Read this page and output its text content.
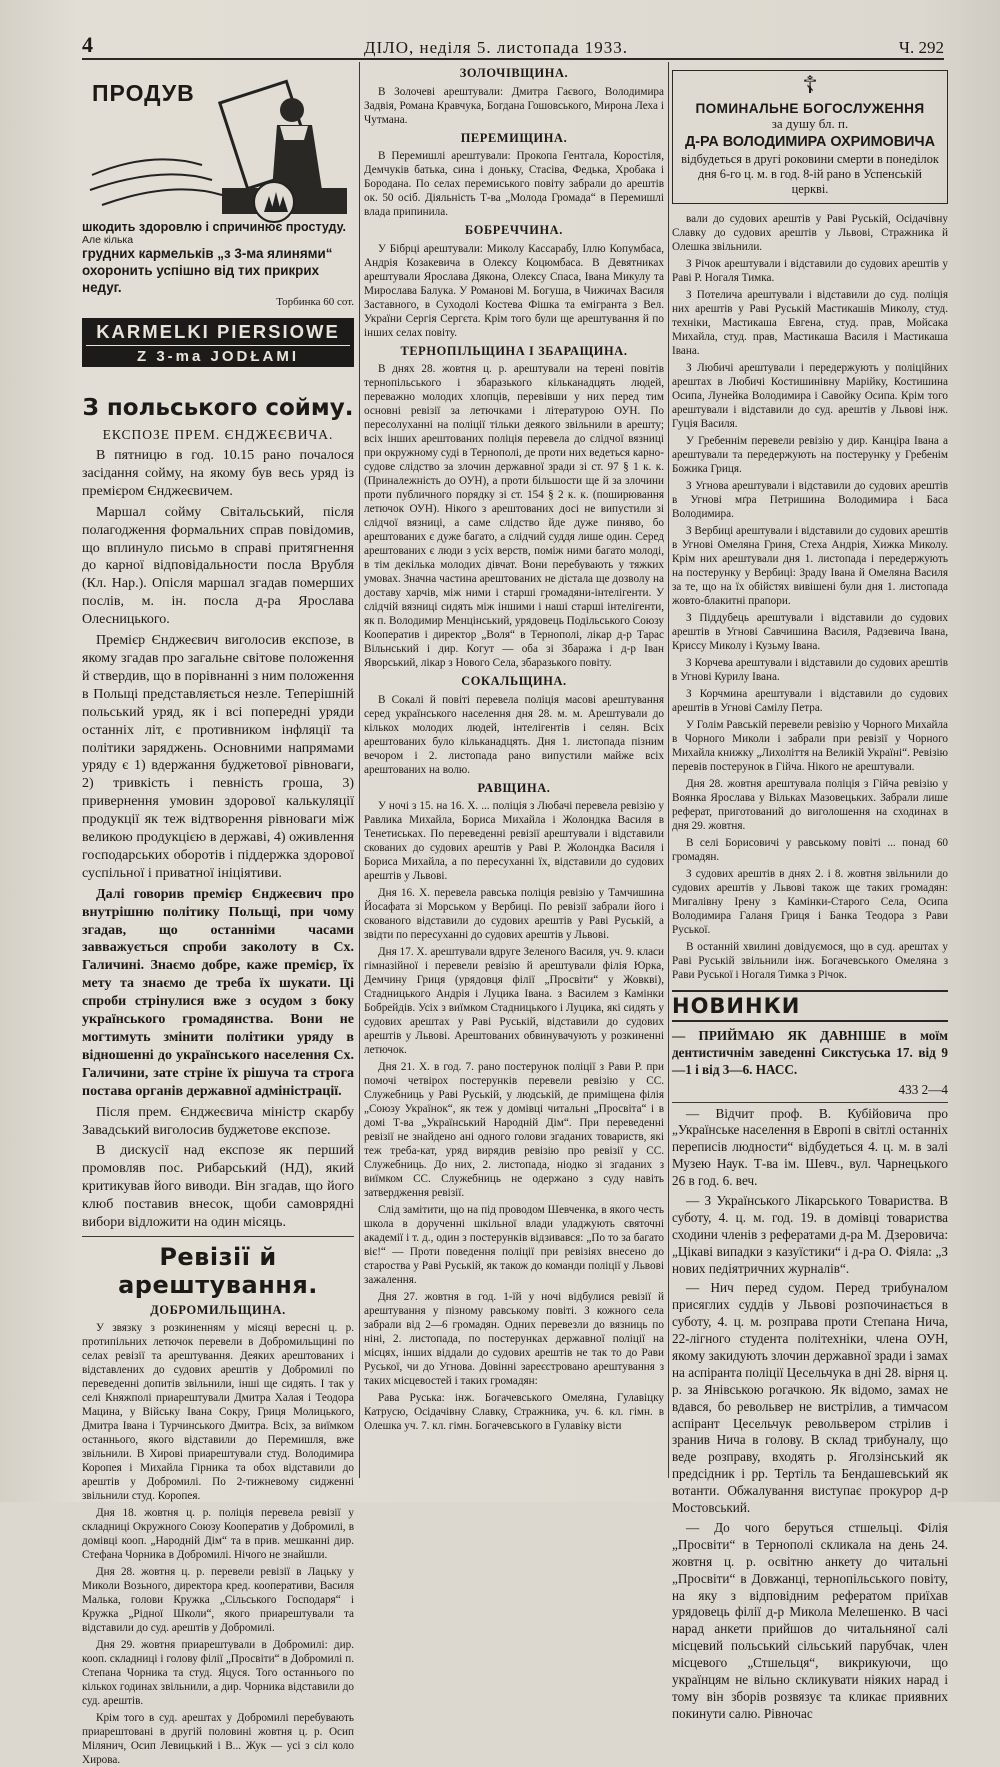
4	ДІЛО, неділя 5. листопада 1933.	Ч. 292
ПРОДУВ
шкодить здоровлю і спричинює простуду.
Але кілька
грудних кармельків „з 3-ма ялинями“ охоронить успішно від тих прикрих недуг.
Торбинка 60 сот.
KARMELKI PIERSIOWE
Z 3-ma JODŁAMI
З польського сойму.
ЕКСПОЗЕ ПРЕМ. ЄНДЖЕЄВИЧА.

В пятницю в год. 10.15 рано почалося засідання сойму, на якому був весь уряд із премієром Єнджеєвичем.

Маршал сойму Світальський, після полагодження формальних справ повідомив, що вплинуло письмо в справі притягнення до карної відповідальности посла Врубля (Кл. Нар.). Опісля маршал згадав померших послів, м. ін. посла д-ра Ярослава Олесницького.

Премієр Єнджеєвич виголосив експозе, в якому згадав про загальне світове положення й ствердив, що в порівнанні з ним положення в Польщі представляється незле. Теперішній польський уряд, як і всі попередні уряди останніх літ, є противником інфляції та політики заряджень. Основними напрямами уряду є 1) вдержання буджетової рівноваги, 2) тривкість і певність гроша, 3) привернення умовин здорової калькуляції продукції як теж відтворення рівноваги між великою продукцією в державі, 4) оживлення господарських оборотів і піддержка здорової суспільної і приватної ініціятиви.

Далі говорив премієр Єнджеєвич про внутрішню політику Польщі, при чому згадав, що останніми часами завважується спроби заколоту в Сх. Галичині. Знаємо добре, каже премієр, їх мету та знаємо де треба їх шукати. Ці спроби стрінулися вже з осудом з боку українського громадянства. Вони не могтимуть змінити політики уряду в відношенні до українського населення Сх. Галичини, зате стріне їх рішуча та строга постава органів державної адміністрації.

Після прем. Єнджеєвича міністр скарбу Завадський виголосив буджетове експозе.

В дискусії над експозе як перший промовляв пос. Рибарський (НД), який критикував його виводи. Він згадав, що його клюб поставив внесок, щоби самоврядні вибори відложити на один місяць.

Ревізії й арештування.
ДОБРОМИЛЬЩИНА.

У звязку з розкиненням у місяці вересні ц. р. протипільних летючок перевели в Добромильщині по селах ревізії та арештування. Деяких арештованих і відставлених до судових арештів у Добромилі по переведенні допитів звільнили, інші ще сидять. І так у селі Княжполі приарештували Дмитра Халая і Теодора Мацина, у Війську Івана Сокру, Гриця Молицького, Дмитра Івана і Турчинського Дмитра. Всіх, за виїмком останнього, якого відставили до Перемишля, вже звільнили. В Хирові приарештували студ. Володимира Коропея і Михайла Гірника та обох відставили до арештів у Добромилі. По 2-тижневому сидженні звільнили студ. Коропея.

Дня 18. жовтня ц. р. поліція перевела ревізії у складниці Окружного Союзу Кооператив у Добромилі, в домівці кооп. „Народній Дім“ та в прив. мешканні дир. Стефана Чорника в Добромилі. Нічого не знайшли.

Дня 28. жовтня ц. р. перевели ревізії в Лацьку у Миколи Возьного, директора кред. кооперативи, Василя Малька, голови Кружка „Сільського Господаря“ і Кружка „Рідної Школи“, якого приарештували та відставили до суд. арештів у Добромилі.

Дня 29. жовтня приарештували в Добромилі: дир. кооп. складниці і голову філії „Просвіти“ в Добромилі п. Степана Чорника та студ. Яцуся. Того останнього по кількох годинах звільнили, а дир. Чорника відставили до суд. арештів.

Крім того в суд. арештах у Добромилі перебувають приарештовані в другій половині жовтня ц. р. Осип Мілянич, Осип Левицький і В... Жук — усі з сіл коло Хирова.

ЗОЛОЧІВЩИНА.

В Золочеві арештували: Дмитра Гаєвого, Володимира Задвія, Романа Кравчука, Богдана Гошовського, Мирона Леха і Чутмана.

ПЕРЕМИЩИНА.

В Перемишлі арештували: Прокопа Гентгала, Коростіля, Демчуків батька, сина і доньку, Стасіва, Федька, Хробака і Бородана. По селах перемиського повіту забрали до арештів ок. 50 осіб. Діяльність Т-ва „Молода Громада“ в Перемишлі влада припинила.

БОБРЕЧЧИНА.

У Бібрці арештували: Миколу Кассарабу, Іллю Копумбаса, Андрія Козакевича в Олексу Коцюмбаса. В Девятниках арештували Ярослава Дякона, Олексу Спаса, Івана Микулу та Мирослава Балука. У Романові М. Богуша, в Чижичах Василя Заставного, в Суходолі Костева Фішка та емігранта з Вел. України Сергія Сергєта. Крім того були ще арештування й по інших селах повіту.

ТЕРНОПІЛЬЩИНА І ЗБАРАЩИНА.

В днях 28. жовтня ц. р. арештували на терені повітів тернопільського і збаразького кільканадцять людей, переважно молодих хлопців, перевівши у них перед тим основні ревізії за летючками і літературою ОУН. По пересолуханні на поліції тільки деякого звільнили в арешту; всіх інших арештованих поліція перевела до слідчої вязниці при окружному суді в Тернополі, де проти них ведеться карно-судове слідство за злочин державної зради зі ст. 97 § 1 к. к. (Приналежність до ОУН), а проти більшости ще й за злочини проти публичного порядку зі ст. 154 § 2 к. к. (поширювання летючок ОУН). Нікого з арештованих досі не випустили зі слідчої вязниці, а саме слідство йде дуже пиняво, бо арештованих є дуже багато, а слідчий суддя лише один. Серед арештованих є люди з усіх верств, поміж ними багато молоді, в тім декілька молодих дівчат. Вони перебувають у тяжких умовах. Значна частина арештованих не дістала ще дозволу на доставу харчів, між ними і старші громадяни-інтелігенти. У слідчій вязниці сидять між іншими і наші старші інтелігенти, як п. Володимир Менцінський, урядовець Подільського Союзу Кооператив і директор „Воля“ в Тернополі, лікар д-р Тарас Вільнський і дир. Когут — оба зі Збаража і д-р Іван Яворський, лікар з Нового Села, збаразького повіту.

СОКАЛЬЩИНА.

В Сокалі й повіті перевела поліція масові арештування серед українського населення дня 28. м. м. Арештували до кількох молодих людей, інтелігентів і селян. Всіх арештованих було кільканадцять. Дня 1. листопада пізним вечором і 2. листопада рано випустили майже всіх арештованих на волю.

РАВЩИНА.

У ночі з 15. на 16. Х. ... поліція з Любачі перевела ревізію у Равлика Михайла, Бориса Михайла і Жолондка Василя в Тенетиськах. По переведенні ревізії арештували і відставили скованих до судових арештів у Раві Р. Жолондка Василя і Бориса Михайла, а по пересуханні їх, відставили до судових арештів у Львові.

Дня 16. Х. перевела равська поліція ревізію у Тамчишина Йосафата зі Морськом у Вербиці. По ревізії забрали його і скованого відставили до судових арештів у Раві Руській, а звідти по пересуханні до судових арештів у Львові.

Дня 17. Х. арештували вдруге Зеленого Василя, уч. 9. класи гімназійної і перевели ревізію й арештували філія Юрка, Демчину Гриця (урядовця філії „Просвіти“ у Жовкві), Стадницького Андрія і Луцика Івана. з Василем з Камінки Бобрейдів. Усіх з виїмком Стадницького і Луцика, які сидять у судових арештах у Раві Руській, відставили до судових арештів у Львові. Арештованих обвинувачують у розкиненні летючок.

Дня 21. Х. в год. 7. рано постерунок поліції з Рави Р. при помочі четвірох постерунків перевели ревізію у СС. Служебниць у Раві Руській, у людській, де приміщена філія „Союзу Українок“, як теж у домівці читальні „Просвіта“ і в домі Т-ва „Український Народній Дім“. При переведенні ревізії не знайдено ані одного голови згаданих товариств, які теж треба-кат, уряд вирядив ревізію про ревізії у СС. Служебниць. До них, 2. листопада, ніодко зі згаданих з виїмком СС. Служебниць не одержано з суду навіть затвердження ревізії.

Слід замітити, що на під проводом Шевченка, в якого честь школа в дорученні шкільної влади уладжують святочні академії і т. д., один з постерунків відзивався: „По то за багато віє!“ — Проти поведення поліції при ревізіях внесено до староства у Раві Руській, як також до команди поліції у Львові зажалення.

Дня 27. жовтня в год. 1-їй у ночі відбулися ревізії й арештування у пізному равському повіті. З кожного села забрали від 2—6 громадян. Одних перевезли до вязниць по ніні, 2. листопада, по постерунках державної поліції на місцях, інших віддали до судових арештів не так то до Рави Руської, чи до Угнова. Довінні зареєстровано арештування з таких місцевостей і таких громадян:

Рава Руська: інж. Богачевського Омеляна, Гулавіцку Катрусю, Осідачівну Славку, Стражника, уч. 6. кл. гімн. в Олешка уч. 7. кл. гімн. Богачевського в Гулавіку вісти

☦
ПОМИНАЛЬНЕ БОГОСЛУЖЕННЯ
за душу бл. п.
Д-РА ВОЛОДИМИРА ОХРИМОВИЧА
відбудеться в другі роковини смерти в понеділок дня 6-го ц. м. в год. 8-ій рано в Успенській церкві.

вали до судових арештів у Раві Руській, Осідачівну Славку до судових арештів у Львові, Стражника й Олешка звільнили.

З Річок арештували і відставили до судових арештів у Раві Р. Ногаля Тимка.

З Потелича арештували і відставили до суд. поліція них арештів у Раві Руській Мастикашів Миколу, студ. техніки, Мастикаша Евгена, студ. прав, Мойсака Михайла, студ. прав, Мастикаша Василя і Мастикаша Івана.

З Любичі арештували і передержують у поліційних арештах в Любичі Костишинівну Марійку, Костишина Осипа, Лунейка Володимира і Савойку Осипа. Крім того арештували і відставили до суд. арештів у Львові інж. Гуція Василя.

У Гребеннім перевели ревізію у дир. Канціра Івана а арештували та передержують на постерунку у Гребенім Божика Гриця.

З Угнова арештували і відставили до судових арештів в Угнові мґра Петришина Володимира і Баса Володимира.

З Вербиці арештували і відставили до судових арештів в Угнові Омеляна Гриня, Стеха Андрія, Хижка Миколу. Крім них арештували дня 1. листопада і передержують на постерунку у Вербиці: Зраду Івана й Омеляна Василя за те, що на їх обійстях вивішені були дня 1. листопада жовто-блакитні прапори.

З Піддубець арештували і відставили до судових арештів в Угнові Савчишина Василя, Радзевича Івана, Криссу Миколу і Кузьму Івана.

З Корчева арештували і відставили до судових арештів в Угнові Курилу Івана.

З Корчмина арештували і відставили до судових арештів в Угнові Самілу Петра.

У Голім Равській перевели ревізію у Чорного Михайла в Чорного Миколи і забрали при ревізії у Чорного Михайла книжку „Лихоліття на Великій Україні“. Ревізію перевів постерунок в Гійча. Нікого не арештували.

Дня 28. жовтня арештувала поліція з Гійча ревізію у Воянка Ярослава у Вільках Мазовецьких. Забрали лише реферат, приготований до виголошення на сходинах в дня 29. жовтня.

В селі Борисовичі у равському повіті ... понад 60 громадян.

З судових арештів в днях 2. і 8. жовтня звільнили до судових арештів у Львові також ще таких громадян: Мигалівну Ірену з Камінки-Старого Села, Осипа Володимира Галаня Гриця і Банка Теодора з Рави Руської.

В останній хвилині довідуємося, що в суд. арештах у Раві Руській звільнили інж. Богачевського Омеляна з Рави Руської і Ногаля Тимка з Річок.

НОВИНКИ

— ПРИЙМАЮ ЯК ДАВНІШЕ в моїм дентистичнім заведенні Сикстуська 17. від 9—1 і від 3—6. НАСС.

433 2—4

— Відчит проф. В. Кубійовича про „Українське населення в Европі в світлі останніх переписів людности“ відбудеться 4. ц. м. в залі Музею Наук. Т-ва ім. Шевч., вул. Чарнецького 26 в год. 6. веч.

— З Українського Лікарського Товариства. В суботу, 4. ц. м. год. 19. в домівці товариства сходини членів з рефератами д-ра М. Дзеровича: „Цікаві випадки з казуїстики“ і д-ра О. Фіяла: „З нових педіятричних журналів“.

— Нич перед судом. Перед трибуналом присяглих суддів у Львові розпочинається в суботу, 4. ц. м. розправа проти Степана Нича, 22-лігного студента політехніки, члена ОУН, якому закидують злочин державної зради і замах на аспіранта поліції Цесельчука в дні 28. вірня ц. р. за Янівською рогачкою. Як відомо, замах не вдався, бо револьвер не вистрілив, а тимчасом аспірант Цесельчук револьвером стрілив і зранив Нича в голову. В склад трибуналу, що веде розправу, входять р. Яголзінський як предсідник і рр. Тертіль та Бендашевський як вотанти. Обжалування виступає прокурор д-р Мостовський.

— До чого беруться стшельці. Філія „Просвіти“ в Тернополі скликала на день 24. жовтня ц. р. освітню анкету до читальні „Просвіти“ в Довжанці, тернопільського повіту, на яку з відповідним рефератом приїхав урядовець філії д-р Микола Мелешенко. В часі нарад анкети прийшов до читальняної салі місцевий польський сільський парубчак, член місцевого „Стшельця“, викрикуючи, що українцям не вільно скликувати ніяких нарад і тому він зборів розвязує та кликає приявних покинути салю. Рівночас
